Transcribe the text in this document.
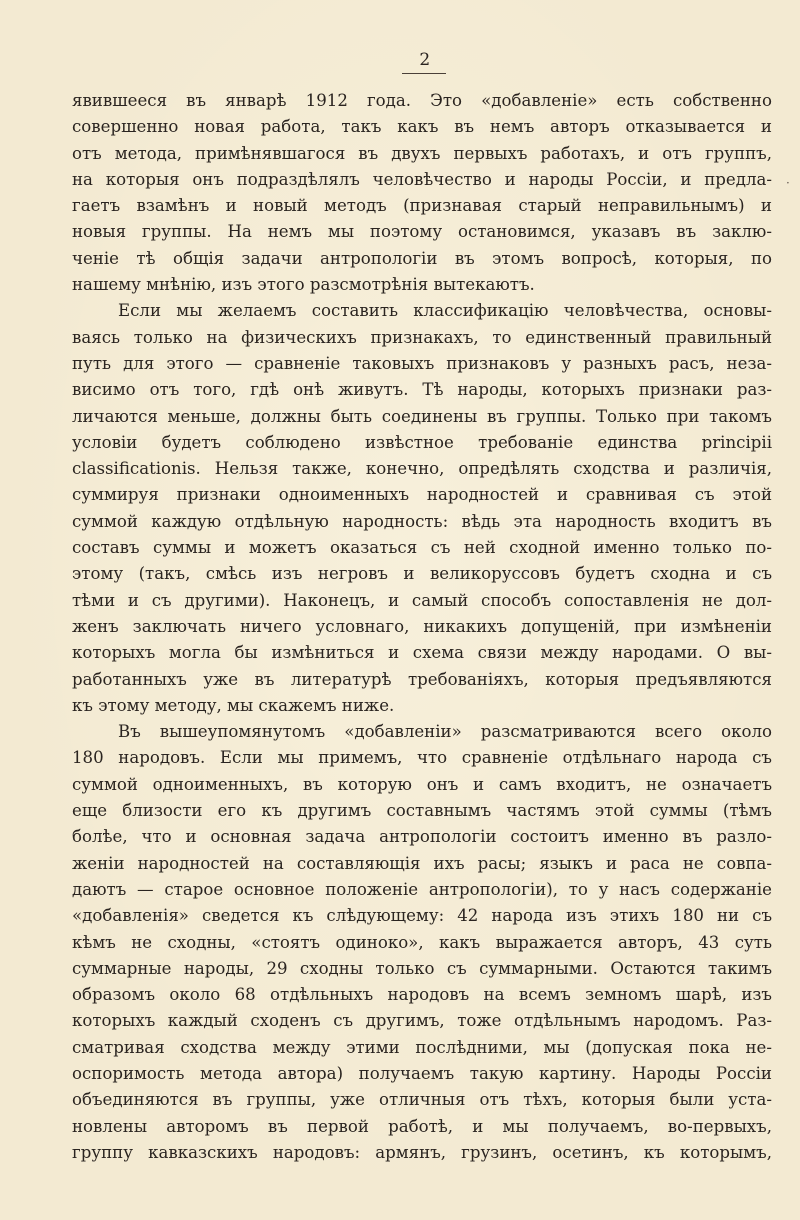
2
явившееся въ январѣ 1912 года. Это «добавленіе» есть собственно
совершенно новая работа, такъ какъ въ немъ авторъ отказывается и
отъ метода, примѣнявшагося въ двухъ первыхъ работахъ, и отъ группъ,
на которыя онъ подраздѣлялъ человѣчество и народы Россіи, и предла-
гаетъ взамѣнъ и новый методъ (признавая старый неправильнымъ) и
новыя группы. На немъ мы поэтому остановимся, указавъ въ заклю-
ченіе тѣ общія задачи антропологіи въ этомъ вопросѣ, которыя, по
нашему мнѣнію, изъ этого разсмотрѣнія вытекаютъ.
Если мы желаемъ составить классификацію человѣчества, основы-
ваясь только на физическихъ признакахъ, то единственный правильный
путь для этого — сравненіе таковыхъ признаковъ у разныхъ расъ, неза-
висимо отъ того, гдѣ онѣ живутъ. Тѣ народы, которыхъ признаки раз-
личаются меньше, должны быть соединены въ группы. Только при такомъ
условіи будетъ соблюдено извѣстное требованіе единства principii
classificationis. Нельзя также, конечно, опредѣлять сходства и различія,
суммируя признаки одноименныхъ народностей и сравнивая съ этой
суммой каждую отдѣльную народность: вѣдь эта народность входитъ въ
составъ суммы и можетъ оказаться съ ней сходной именно только по-
этому (такъ, смѣсь изъ негровъ и великоруссовъ будетъ сходна и съ
тѣми и съ другими). Наконецъ, и самый способъ сопоставленія не дол-
женъ заключать ничего условнаго, никакихъ допущеній, при измѣненіи
которыхъ могла бы измѣниться и схема связи между народами. О вы-
работанныхъ уже въ литературѣ требованіяхъ, которыя предъявляются
къ этому методу, мы скажемъ ниже.
Въ вышеупомянутомъ «добавленіи» разсматриваются всего около
180 народовъ. Если мы примемъ, что сравненіе отдѣльнаго народа съ
суммой одноименныхъ, въ которую онъ и самъ входитъ, не означаетъ
еще близости его къ другимъ составнымъ частямъ этой суммы (тѣмъ
болѣе, что и основная задача антропологіи состоитъ именно въ разло-
женіи народностей на составляющія ихъ расы; языкъ и раса не совпа-
даютъ — старое основное положеніе антропологіи), то у насъ содержаніе
«добавленія» сведется къ слѣдующему: 42 народа изъ этихъ 180 ни съ
кѣмъ не сходны, «стоятъ одиноко», какъ выражается авторъ, 43 суть
суммарные народы, 29 сходны только съ суммарными. Остаются такимъ
образомъ около 68 отдѣльныхъ народовъ на всемъ земномъ шарѣ, изъ
которыхъ каждый сходенъ съ другимъ, тоже отдѣльнымъ народомъ. Раз-
сматривая сходства между этими послѣдними, мы (допуская пока не-
оспоримость метода автора) получаемъ такую картину. Народы Россіи
объединяются въ группы, уже отличныя отъ тѣхъ, которыя были уста-
новлены авторомъ въ первой работѣ, и мы получаемъ, во-первыхъ,
группу кавказскихъ народовъ: армянъ, грузинъ, осетинъ, къ которымъ,
·
